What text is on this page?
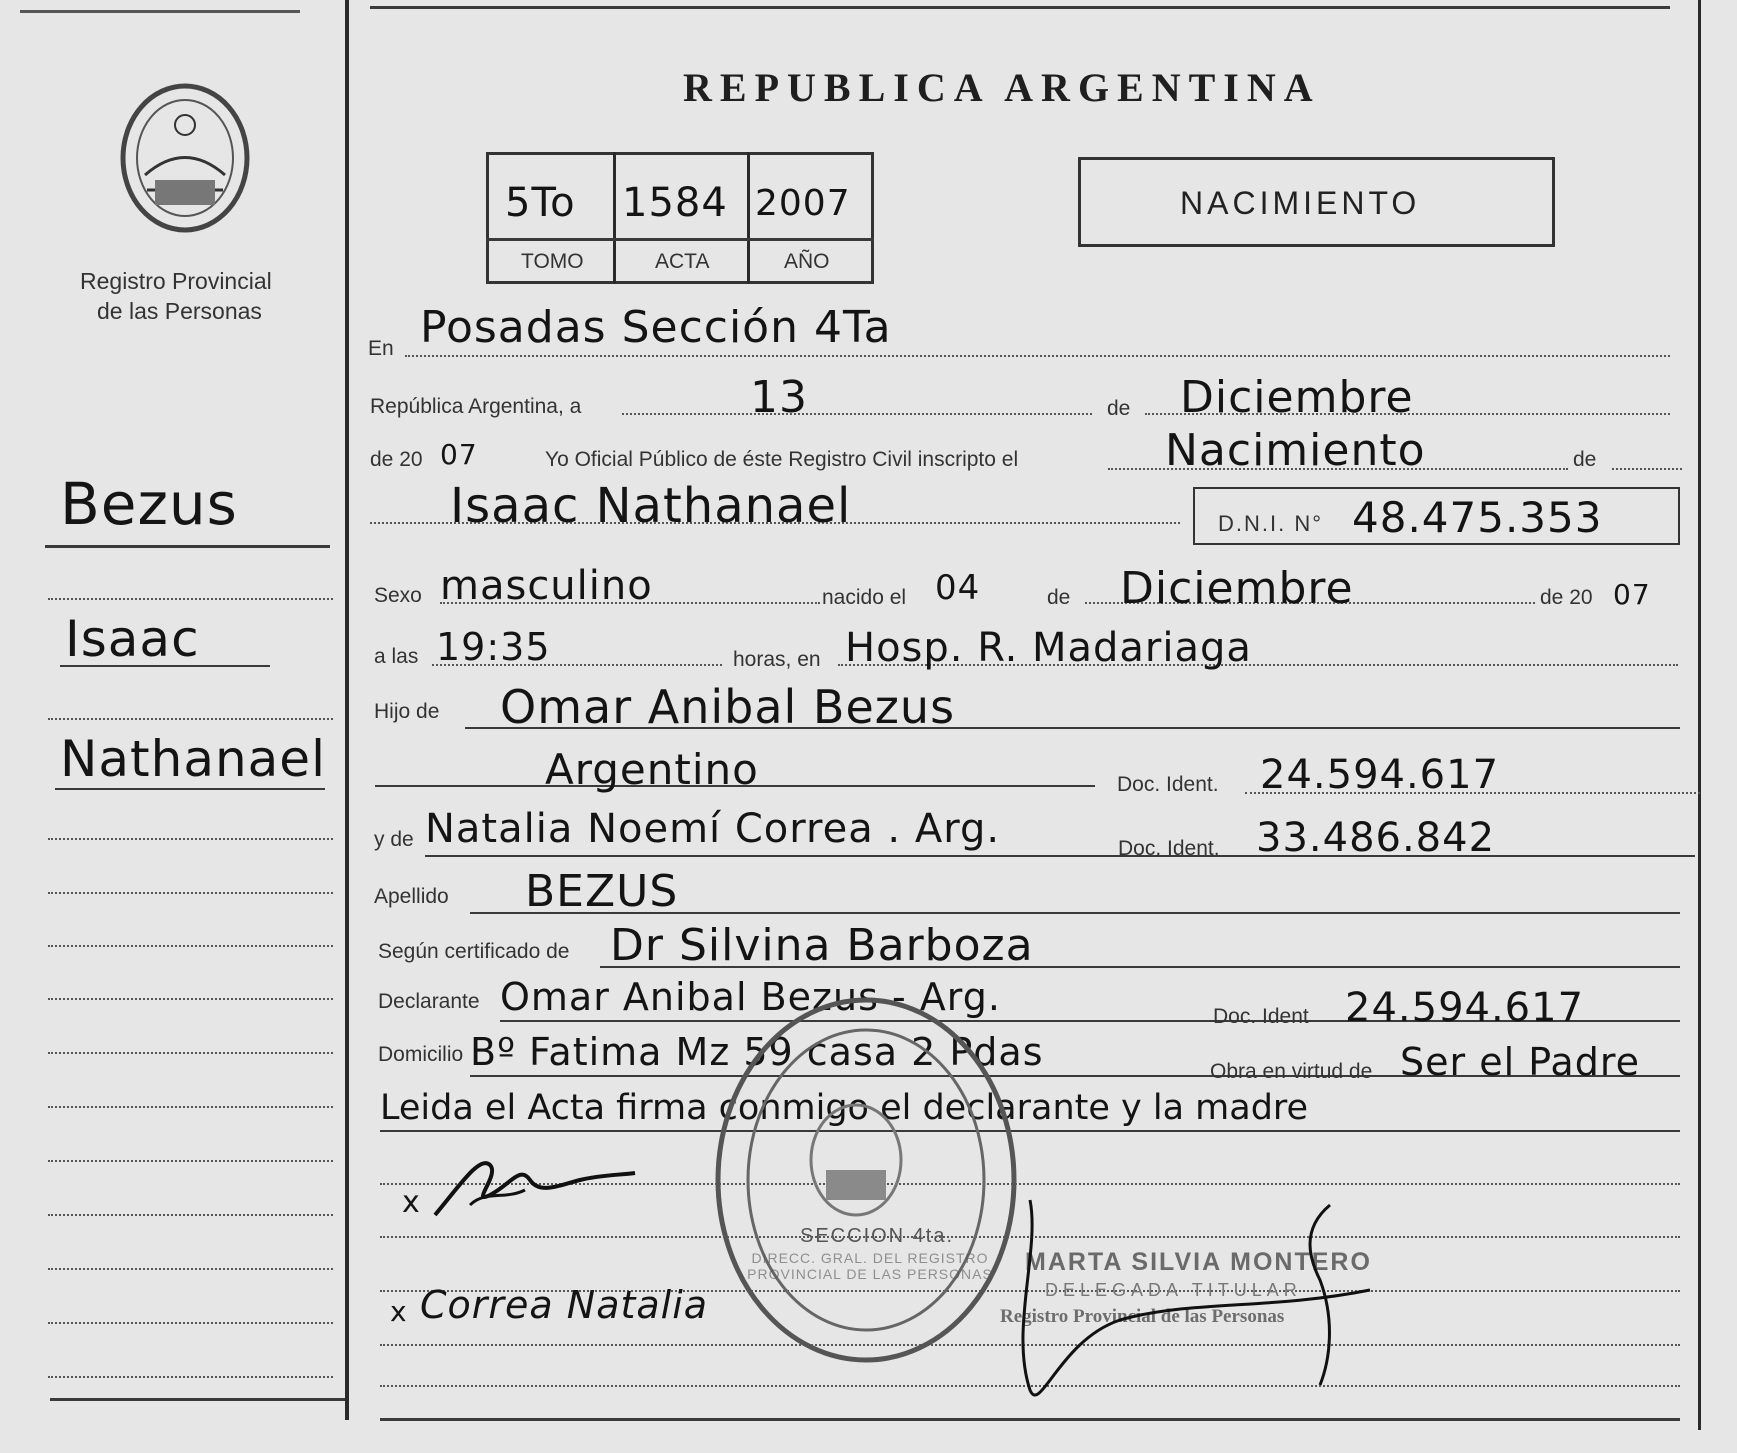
Registro Provincial
de las Personas
REPUBLICA ARGENTINA
5To 1584 2007
TOMO	ACTA	AÑO
NACIMIENTO
Bezus
Isaac
Nathanael
En Posadas Sección 4Ta
República Argentina, a	13	de Diciembre
de 20 07	Yo Oficial Público de éste Registro Civil inscripto el	Nacimiento	de
Isaac Nathanael	D.N.I. N° 48.475.353
Sexo masculino	nacido el 04	de Diciembre	de 20 07
a las 19:35	horas, en Hosp. R. Madariaga
Hijo de Omar Anibal Bezus
Argentino	Doc. Ident. 24.594.617
y de Natalia Noemí Correa . Arg.	Doc. Ident. 33.486.842
Apellido BEZUS
Según certificado de Dr Silvina Barboza
Declarante Omar Anibal Bezus - Arg.	Doc. Ident 24.594.617
Domicilio Bº Fatima Mz 59 casa 2 Pdas	Obra en virtud de Ser el Padre
Leida el Acta firma conmigo el declarante y la madre
x
x Correa Natalia
DIRECC. GRAL. DEL REGISTRO PROVINCIAL DE LAS PERSONAS
SECCION 4ta.
MARTA SILVIA MONTERO
DELEGADA TITULAR
Registro Provincial de las Personas
